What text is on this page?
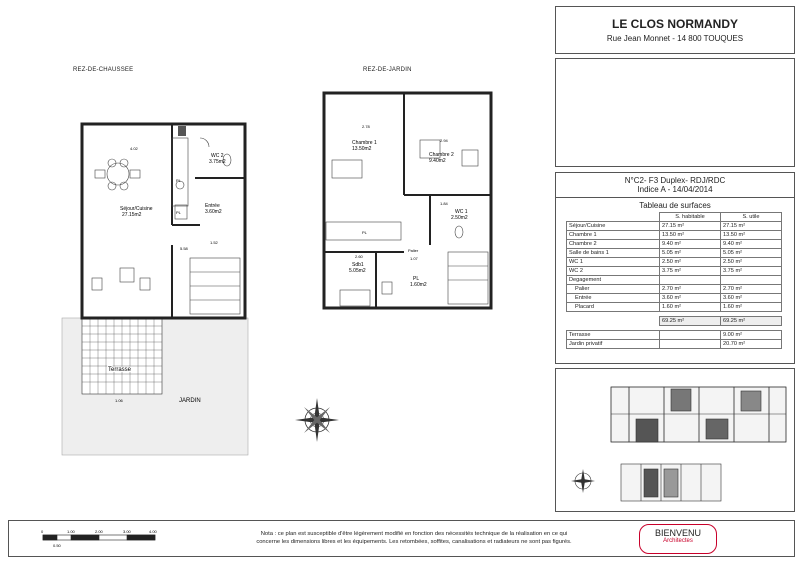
LE CLOS NORMANDY
Rue Jean Monnet - 14 800 TOUQUES
N°C2- F3 Duplex- RDJ/RDC
Indice A - 14/04/2014
Tableau de surfaces
	S. habitable	S. utile
Séjour/Cuisine	27.15 m²	27.15 m²
Chambre 1	13.50 m²	13.50 m²
Chambre 2	9.40 m²	9.40 m²
Salle de bains 1	5.05 m²	5.05 m²
WC 1	2.50 m²	2.50 m²
WC 2	3.75 m²	3.75 m²
Degagement		
Palier	2.70 m²	2.70 m²
Entrée	3.60 m²	3.60 m²
Placard	1.60 m²	1.60 m²

	69.25 m²	69.25 m²

Terrasse		9.00 m²
Jardin privatif		20.70 m²
0	1.00	2.00	3.00	4.00
0.50
Nota : ce plan est susceptible d'être légèrement modifié en fonction des nécessités technique de la réalisation en ce qui
concerne les dimensions libres et les équipements. Les retombées, soffites, canalisations et radiateurs ne sont pas figurés.
BIENVENU
Architectes
REZ-DE-CHAUSSEE	REZ-DE-JARDIN
Terrasse
JARDIN
1.06
Séjour/Cuisine
27.15m2
WC 2
3.75m2
Entrée
3.60m2
PL
PL
4.02
1.52
5.58
Chambre 1
13.50m2
Chambre 2
9.40m2
WC 1
2.50m2
Sdb1
5.05m2
PL
1.60m2
Palier
PL
2.78
2.94
1.84
2.60	1.07
